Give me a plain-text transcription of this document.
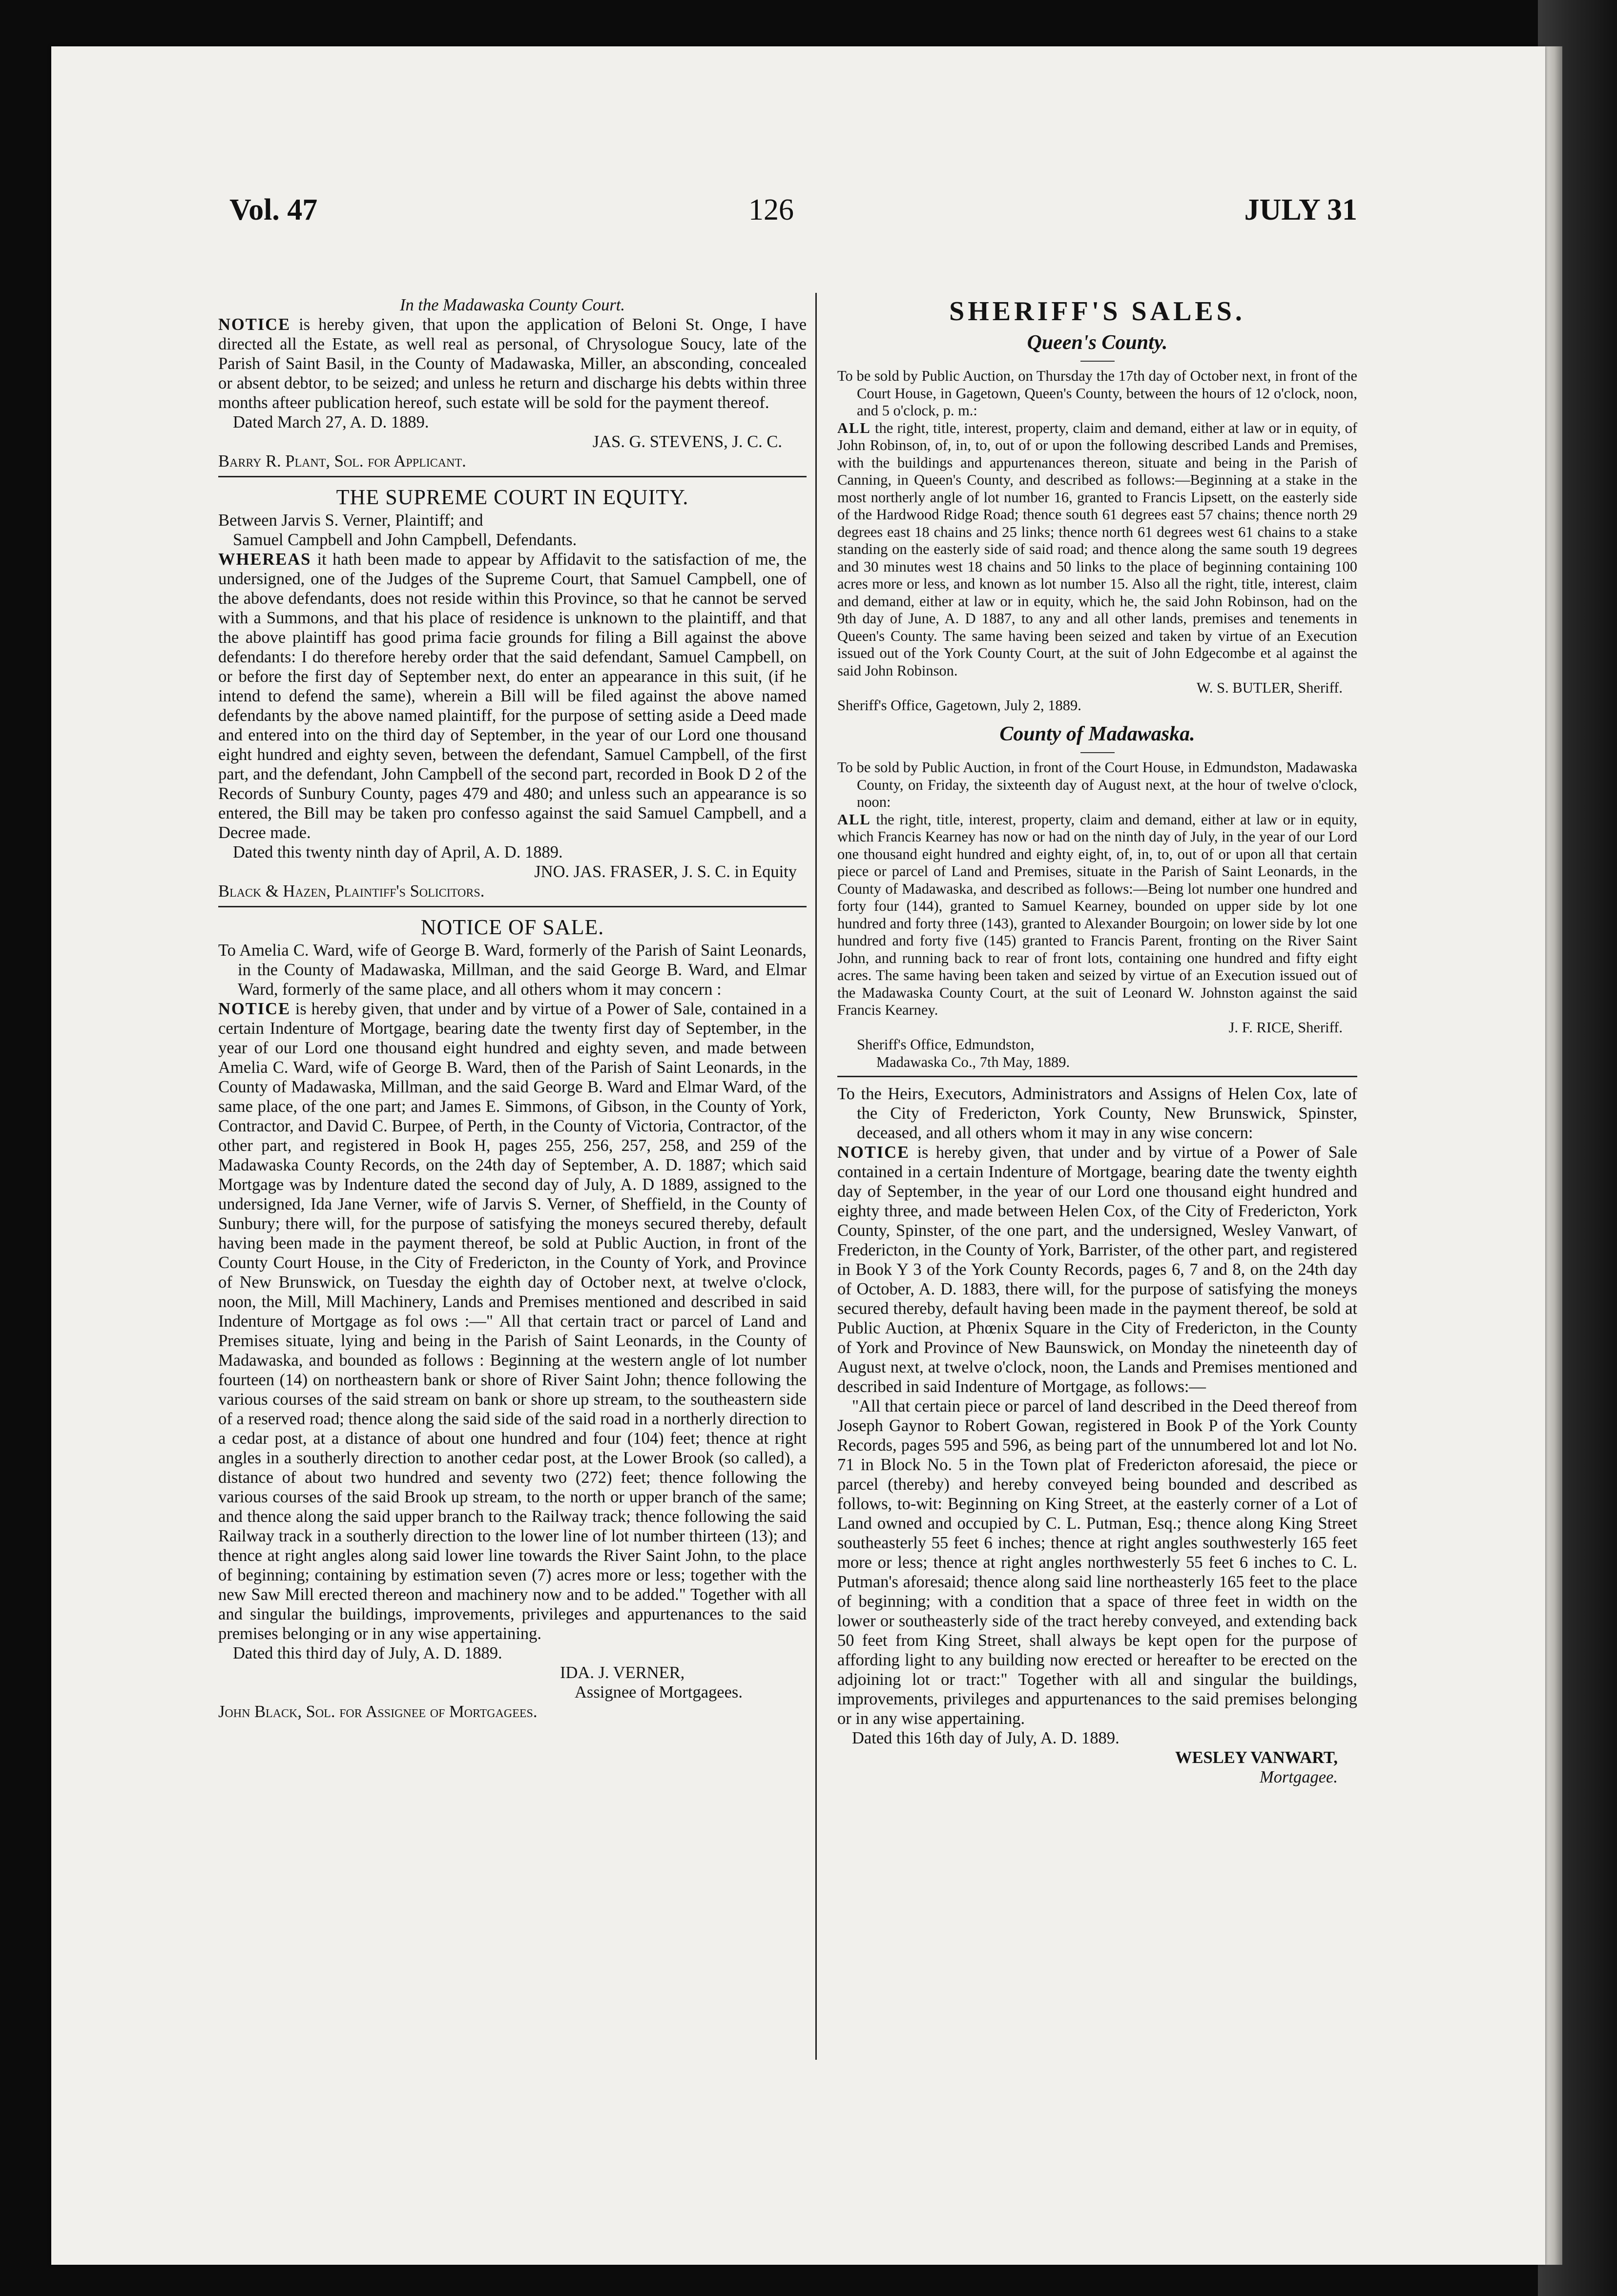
Vol. 47	126	JULY 31

In the Madawaska County Court.

NOTICE is hereby given, that upon the application of Beloni St. Onge, I have directed all the Estate, as well real as personal, of Chrysologue Soucy, late of the Parish of Saint Basil, in the County of Madawaska, Miller, an absconding, concealed or absent debtor, to be seized; and unless he return and discharge his debts within three months afteer publication hereof, such estate will be sold for the payment thereof.

Dated March 27, A. D. 1889.

JAS. G. STEVENS, J. C. C.

Barry R. Plant, Sol. for Applicant.

THE SUPREME COURT IN EQUITY.

Between Jarvis S. Verner, Plaintiff; and

Samuel Campbell and John Campbell, Defendants.

WHEREAS it hath been made to appear by Affidavit to the satisfaction of me, the undersigned, one of the Judges of the Supreme Court, that Samuel Campbell, one of the above defendants, does not reside within this Province, so that he cannot be served with a Summons, and that his place of residence is unknown to the plaintiff, and that the above plaintiff has good prima facie grounds for filing a Bill against the above defendants: I do therefore hereby order that the said defendant, Samuel Campbell, on or before the first day of September next, do enter an appearance in this suit, (if he intend to defend the same), wherein a Bill will be filed against the above named defendants by the above named plaintiff, for the purpose of setting aside a Deed made and entered into on the third day of September, in the year of our Lord one thousand eight hundred and eighty seven, between the defendant, Samuel Campbell, of the first part, and the defendant, John Campbell of the second part, recorded in Book D 2 of the Records of Sunbury County, pages 479 and 480; and unless such an appearance is so entered, the Bill may be taken pro confesso against the said Samuel Campbell, and a Decree made.

Dated this twenty ninth day of April, A. D. 1889.

JNO. JAS. FRASER, J. S. C. in Equity

Black & Hazen, Plaintiff's Solicitors.

NOTICE OF SALE.

To Amelia C. Ward, wife of George B. Ward, formerly of the Parish of Saint Leonards, in the County of Madawaska, Millman, and the said George B. Ward, and Elmar Ward, formerly of the same place, and all others whom it may concern :

NOTICE is hereby given, that under and by virtue of a Power of Sale, contained in a certain Indenture of Mortgage, bearing date the twenty first day of September, in the year of our Lord one thousand eight hundred and eighty seven, and made between Amelia C. Ward, wife of George B. Ward, then of the Parish of Saint Leonards, in the County of Madawaska, Millman, and the said George B. Ward and Elmar Ward, of the same place, of the one part; and James E. Simmons, of Gibson, in the County of York, Contractor, and David C. Burpee, of Perth, in the County of Victoria, Contractor, of the other part, and registered in Book H, pages 255, 256, 257, 258, and 259 of the Madawaska County Records, on the 24th day of September, A. D. 1887; which said Mortgage was by Indenture dated the second day of July, A. D 1889, assigned to the undersigned, Ida Jane Verner, wife of Jarvis S. Verner, of Sheffield, in the County of Sunbury; there will, for the purpose of satisfying the moneys secured thereby, default having been made in the payment thereof, be sold at Public Auction, in front of the County Court House, in the City of Fredericton, in the County of York, and Province of New Brunswick, on Tuesday the eighth day of October next, at twelve o'clock, noon, the Mill, Mill Machinery, Lands and Premises mentioned and described in said Indenture of Mortgage as fol ows :—" All that certain tract or parcel of Land and Premises situate, lying and being in the Parish of Saint Leonards, in the County of Madawaska, and bounded as follows : Beginning at the western angle of lot number fourteen (14) on northeastern bank or shore of River Saint John; thence following the various courses of the said stream on bank or shore up stream, to the southeastern side of a reserved road; thence along the said side of the said road in a northerly direction to a cedar post, at a distance of about one hundred and four (104) feet; thence at right angles in a southerly direction to another cedar post, at the Lower Brook (so called), a distance of about two hundred and seventy two (272) feet; thence following the various courses of the said Brook up stream, to the north or upper branch of the same; and thence along the said upper branch to the Railway track; thence following the said Railway track in a southerly direction to the lower line of lot number thirteen (13); and thence at right angles along said lower line towards the River Saint John, to the place of beginning; containing by estimation seven (7) acres more or less; together with the new Saw Mill erected thereon and machinery now and to be added." Together with all and singular the buildings, improvements, privileges and appurtenances to the said premises belonging or in any wise appertaining.

Dated this third day of July, A. D. 1889.

IDA. J. VERNER,

Assignee of Mortgagees.

John Black, Sol. for Assignee of Mortgagees.

SHERIFF'S SALES.

Queen's County.

To be sold by Public Auction, on Thursday the 17th day of October next, in front of the Court House, in Gagetown, Queen's County, between the hours of 12 o'clock, noon, and 5 o'clock, p. m.:

ALL the right, title, interest, property, claim and demand, either at law or in equity, of John Robinson, of, in, to, out of or upon the following described Lands and Premises, with the buildings and appurtenances thereon, situate and being in the Parish of Canning, in Queen's County, and described as follows:—Beginning at a stake in the most northerly angle of lot number 16, granted to Francis Lipsett, on the easterly side of the Hardwood Ridge Road; thence south 61 degrees east 57 chains; thence north 29 degrees east 18 chains and 25 links; thence north 61 degrees west 61 chains to a stake standing on the easterly side of said road; and thence along the same south 19 degrees and 30 minutes west 18 chains and 50 links to the place of beginning containing 100 acres more or less, and known as lot number 15. Also all the right, title, interest, claim and demand, either at law or in equity, which he, the said John Robinson, had on the 9th day of June, A. D 1887, to any and all other lands, premises and tenements in Queen's County. The same having been seized and taken by virtue of an Execution issued out of the York County Court, at the suit of John Edgecombe et al against the said John Robinson.

W. S. BUTLER, Sheriff.

Sheriff's Office, Gagetown, July 2, 1889.

County of Madawaska.

To be sold by Public Auction, in front of the Court House, in Edmundston, Madawaska County, on Friday, the sixteenth day of August next, at the hour of twelve o'clock, noon:

ALL the right, title, interest, property, claim and demand, either at law or in equity, which Francis Kearney has now or had on the ninth day of July, in the year of our Lord one thousand eight hundred and eighty eight, of, in, to, out of or upon all that certain piece or parcel of Land and Premises, situate in the Parish of Saint Leonards, in the County of Madawaska, and described as follows:—Being lot number one hundred and forty four (144), granted to Samuel Kearney, bounded on upper side by lot one hundred and forty three (143), granted to Alexander Bourgoin; on lower side by lot one hundred and forty five (145) granted to Francis Parent, fronting on the River Saint John, and running back to rear of front lots, containing one hundred and fifty eight acres. The same having been taken and seized by virtue of an Execution issued out of the Madawaska County Court, at the suit of Leonard W. Johnston against the said Francis Kearney.

J. F. RICE, Sheriff.

Sheriff's Office, Edmundston,

Madawaska Co., 7th May, 1889.

To the Heirs, Executors, Administrators and Assigns of Helen Cox, late of the City of Fredericton, York County, New Brunswick, Spinster, deceased, and all others whom it may in any wise concern:

NOTICE is hereby given, that under and by virtue of a Power of Sale contained in a certain Indenture of Mortgage, bearing date the twenty eighth day of September, in the year of our Lord one thousand eight hundred and eighty three, and made between Helen Cox, of the City of Fredericton, York County, Spinster, of the one part, and the undersigned, Wesley Vanwart, of Fredericton, in the County of York, Barrister, of the other part, and registered in Book Y 3 of the York County Records, pages 6, 7 and 8, on the 24th day of October, A. D. 1883, there will, for the purpose of satisfying the moneys secured thereby, default having been made in the payment thereof, be sold at Public Auction, at Phœnix Square in the City of Fredericton, in the County of York and Province of New Baunswick, on Monday the nineteenth day of August next, at twelve o'clock, noon, the Lands and Premises mentioned and described in said Indenture of Mortgage, as follows:—

"All that certain piece or parcel of land described in the Deed thereof from Joseph Gaynor to Robert Gowan, registered in Book P of the York County Records, pages 595 and 596, as being part of the unnumbered lot and lot No. 71 in Block No. 5 in the Town plat of Fredericton aforesaid, the piece or parcel (thereby) and hereby conveyed being bounded and described as follows, to-wit: Beginning on King Street, at the easterly corner of a Lot of Land owned and occupied by C. L. Putman, Esq.; thence along King Street southeasterly 55 feet 6 inches; thence at right angles southwesterly 165 feet more or less; thence at right angles northwesterly 55 feet 6 inches to C. L. Putman's aforesaid; thence along said line northeasterly 165 feet to the place of beginning; with a condition that a space of three feet in width on the lower or southeasterly side of the tract hereby conveyed, and extending back 50 feet from King Street, shall always be kept open for the purpose of affording light to any building now erected or hereafter to be erected on the adjoining lot or tract:" Together with all and singular the buildings, improvements, privileges and appurtenances to the said premises belonging or in any wise appertaining.

Dated this 16th day of July, A. D. 1889.

WESLEY VANWART,

Mortgagee.
